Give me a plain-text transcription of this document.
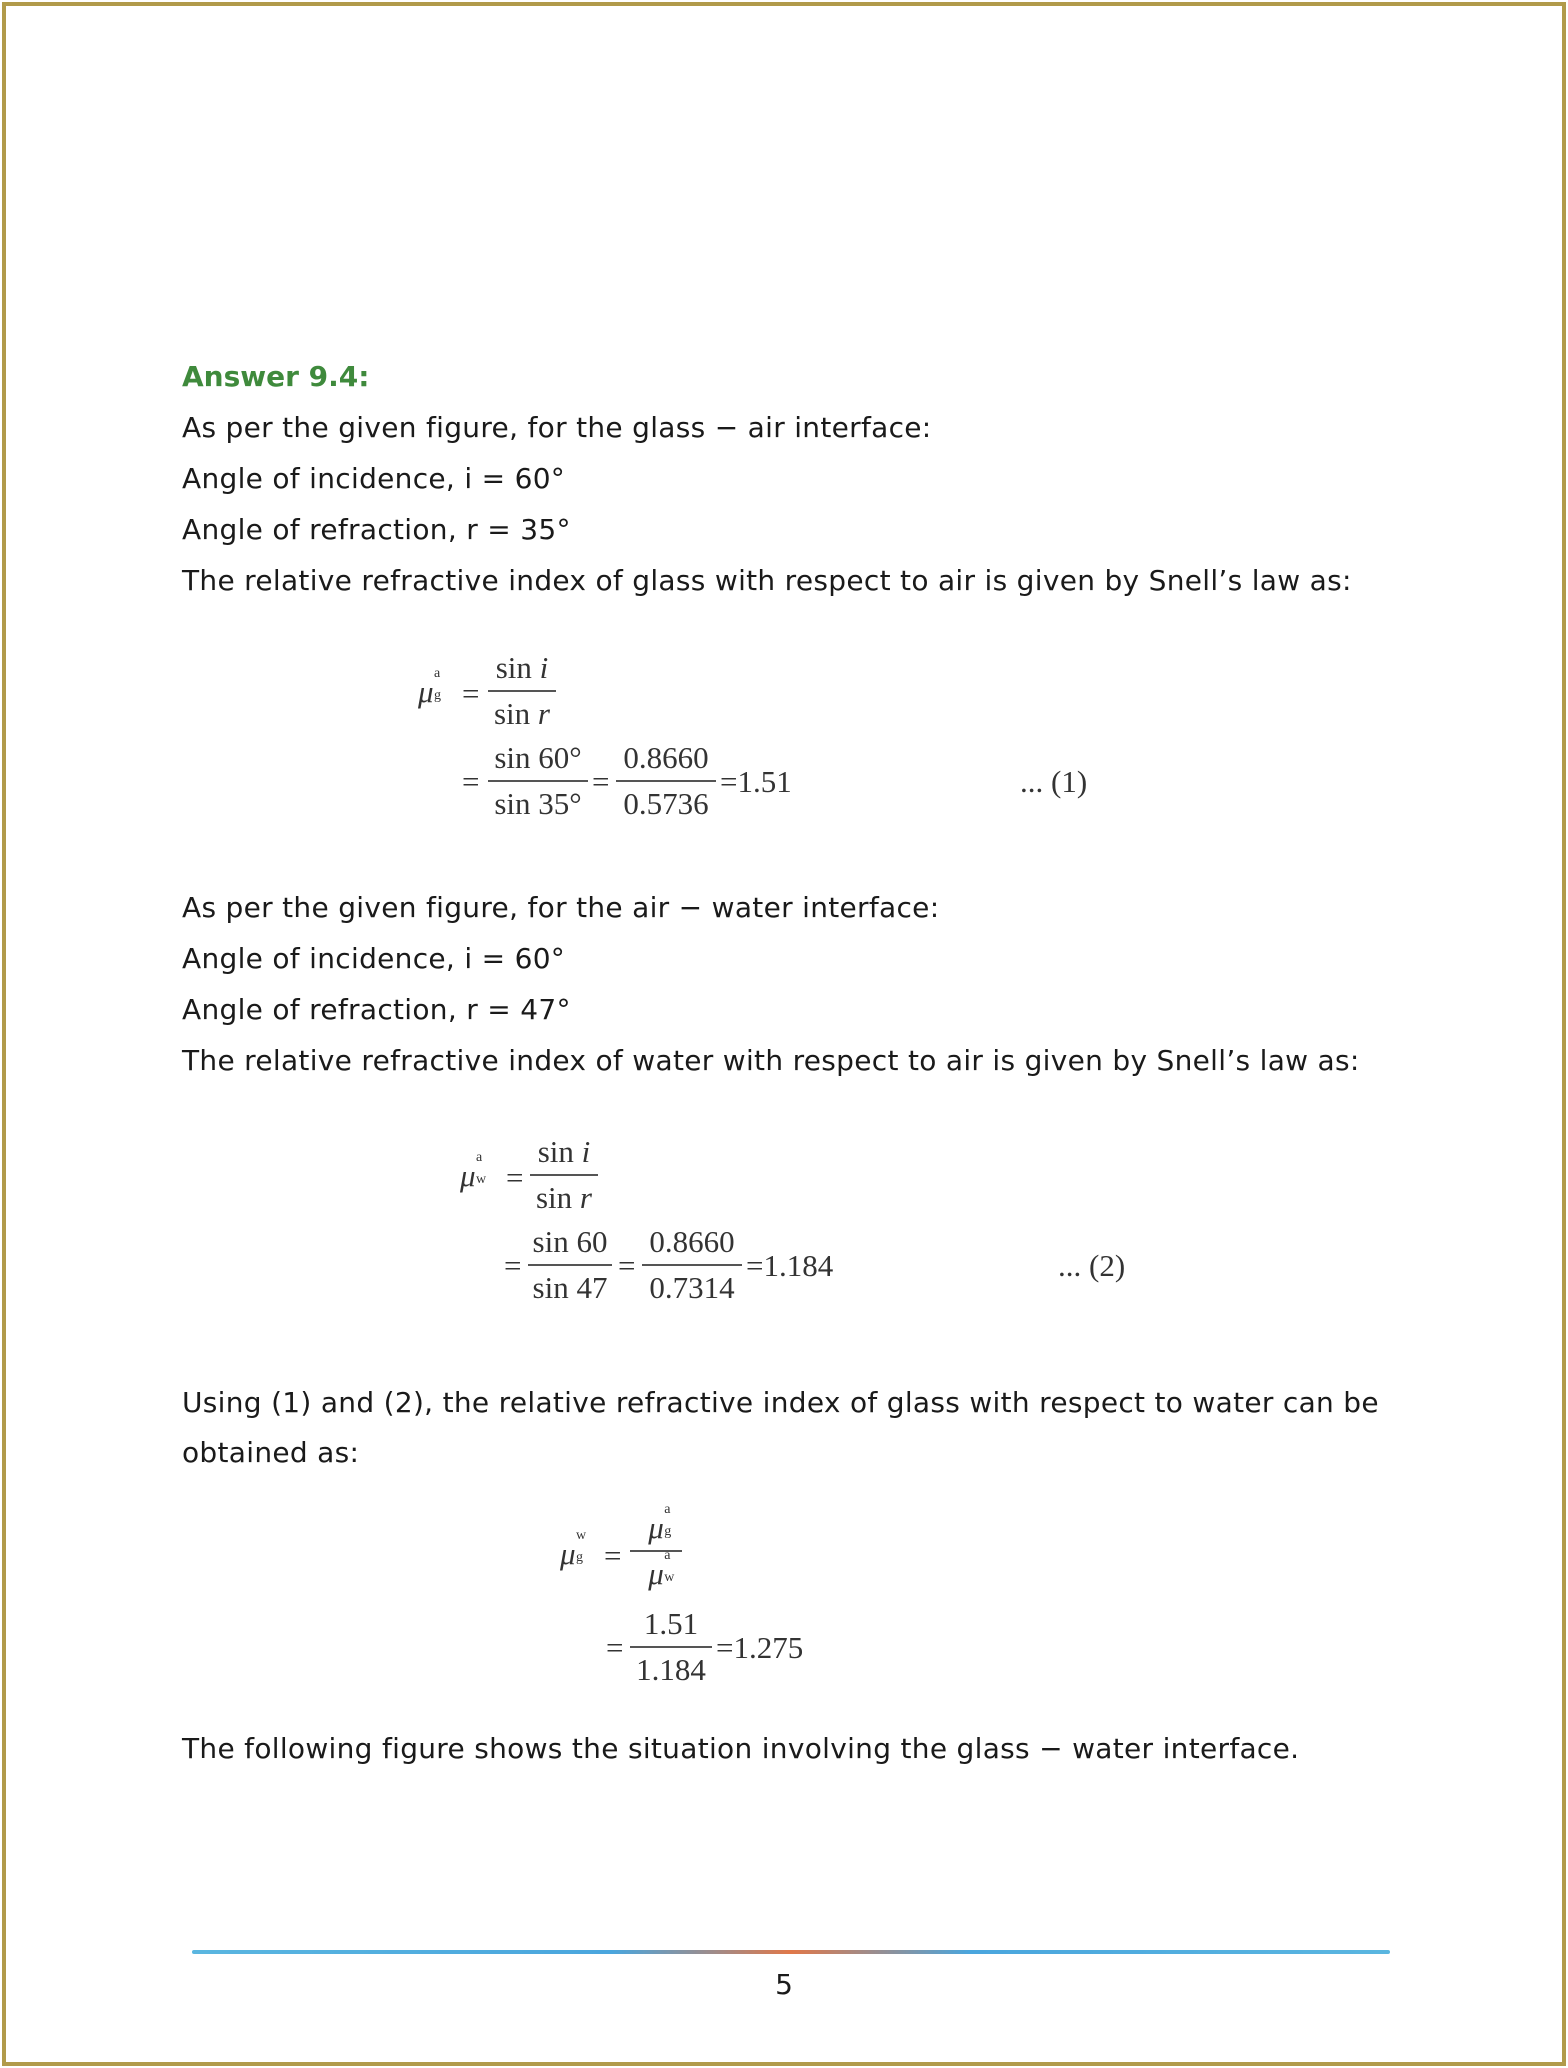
Answer 9.4:
As per the given figure, for the glass − air interface:
Angle of incidence, i = 60°
Angle of refraction, r = 35°
The relative refractive index of glass with respect to air is given by Snell’s law as:
μ
a
g =
sin i
sin r
=
sin 60°
sin 35°
=
0.8660
0.5736
=1.51	... (1)
As per the given figure, for the air − water interface:
Angle of incidence, i = 60°
Angle of refraction, r = 47°
The relative refractive index of water with respect to air is given by Snell’s law as:
μ
a
w =
sin i
sin r
=
sin 60
sin 47
=
0.8660
0.7314
=1.184	... (2)
Using (1) and (2), the relative refractive index of glass with respect to water can be
obtained as:
μ
w
g =
μ
a
g
μ
a
w
=
1.51
1.184
=1.275
The following figure shows the situation involving the glass − water interface.
5
